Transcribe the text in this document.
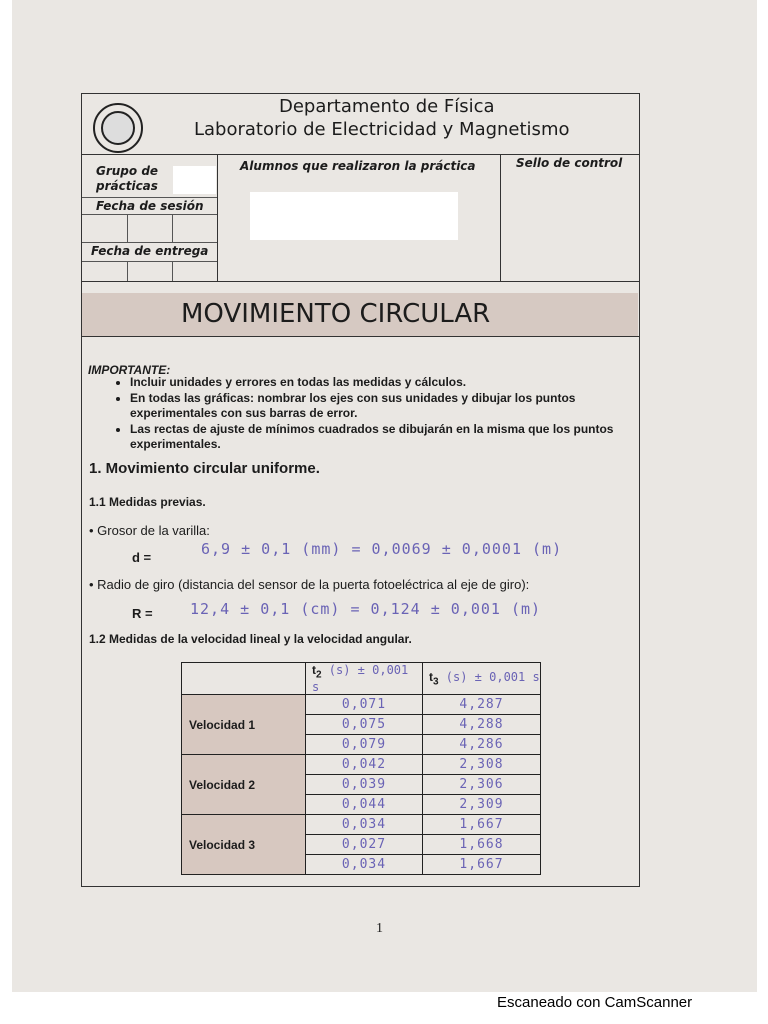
Departamento de Física
Laboratorio de Electricidad y Magnetismo
Grupo de
prácticas
Fecha de sesión
Fecha de entrega
Alumnos que realizaron la práctica	Sello de control
MOVIMIENTO CIRCULAR
IMPORTANTE:
• Incluir unidades y errores en todas las medidas y cálculos.
• En todas las gráficas: nombrar los ejes con sus unidades y dibujar los puntos experimentales con sus barras de error.
• Las rectas de ajuste de mínimos cuadrados se dibujarán en la misma que los puntos experimentales.
1. Movimiento circular uniforme.
1.1 Medidas previas.
• Grosor de la varilla:
d =	6,9 ± 0,1 (mm) = 0,0069 ± 0,0001 (m)
• Radio de giro (distancia del sensor de la puerta fotoeléctrica al eje de giro):
R = 12,4 ± 0,1 (cm) = 0,124 ± 0,001 (m)
1.2 Medidas de la velocidad lineal y la velocidad angular.
	$t_2$ (s) ± 0,001 s	$t_3$ (s) ± 0,001 s
Velocidad 1	0,071	4,287
	0,075	4,288
	0,079	4,286
Velocidad 2	0,042	2,308
	0,039	2,306
	0,044	2,309
Velocidad 3	0,034	1,667
	0,027	1,668
	0,034	1,667
1
Escaneado con CamScanner
